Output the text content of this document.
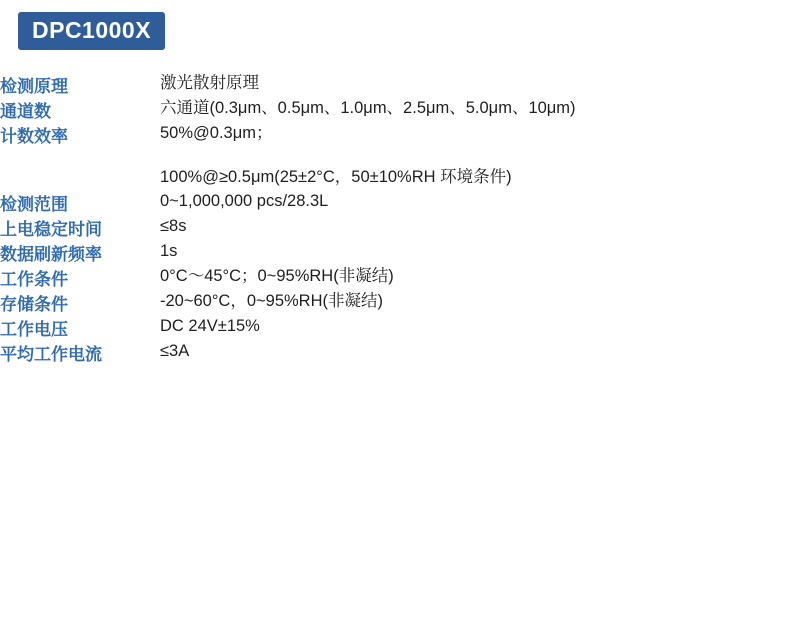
DPC1000X
检测原理	激光散射原理
通道数	六通道(0.3μm、0.5μm、1.0μm、2.5μm、5.0μm、10μm)
计数效率	50%@0.3μm；
100%@≥0.5μm(25±2°C，50±10%RH 环境条件)

检测范围	0~1,000,000 pcs/28.3L
上电稳定时间	≤8s
数据刷新频率	1s
工作条件	0°C～45°C；0~95%RH(非凝结)
存储条件	-20~60°C，0~95%RH(非凝结)
工作电压	DC 24V±15%
平均工作电流	≤3A
